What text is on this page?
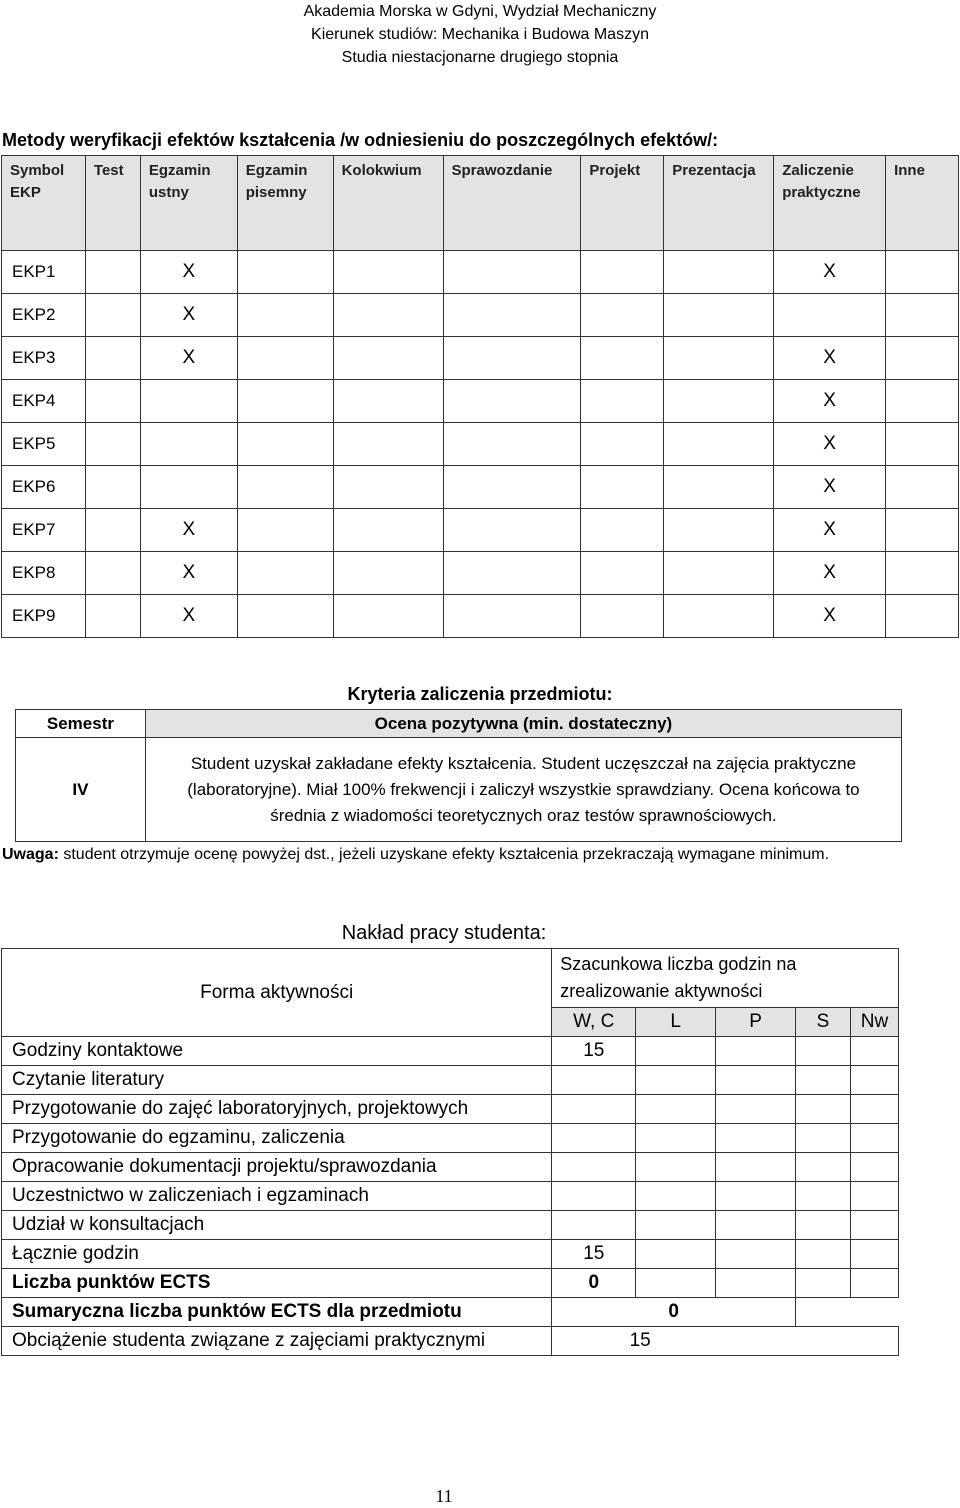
Akademia Morska w Gdyni, Wydział Mechaniczny
Kierunek studiów: Mechanika i Budowa Maszyn
Studia niestacjonarne drugiego stopnia
Metody weryfikacji efektów kształcenia /w odniesieniu do poszczególnych efektów/:
Symbol EKP	Test	Egzamin ustny	Egzamin pisemny	Kolokwium	Sprawozdanie	Projekt	Prezentacja	Zaliczenie praktyczne	Inne
EKP1		X						X	
EKP2		X							
EKP3		X						X	
EKP4								X	
EKP5								X	
EKP6								X	
EKP7		X						X	
EKP8		X						X	
EKP9		X						X	
Kryteria zaliczenia przedmiotu:
Semestr	Ocena pozytywna (min. dostateczny)
IV	Student uzyskał zakładane efekty kształcenia. Student uczęszczał na zajęcia praktyczne (laboratoryjne). Miał 100% frekwencji i zaliczył wszystkie sprawdziany. Ocena końcowa to średnia z wiadomości teoretycznych oraz testów sprawnościowych.
Uwaga: student otrzymuje ocenę powyżej dst., jeżeli uzyskane efekty kształcenia przekraczają wymagane minimum.
Nakład pracy studenta:
Forma aktywności	Szacunkowa liczba godzin na zrealizowanie aktywności				
	W, C	L	P	S	Nw
Godziny kontaktowe	15				
Czytanie literatury					
Przygotowanie do zajęć laboratoryjnych, projektowych					
Przygotowanie do egzaminu, zaliczenia					
Opracowanie dokumentacji projektu/sprawozdania					
Uczestnictwo w zaliczeniach i egzaminach					
Udział w konsultacjach					
Łącznie godzin	15				
Liczba punktów ECTS	0				
Sumaryczna liczba punktów ECTS dla przedmiotu	0				
Obciążenie studenta związane z zajęciami praktycznymi	15				
11
